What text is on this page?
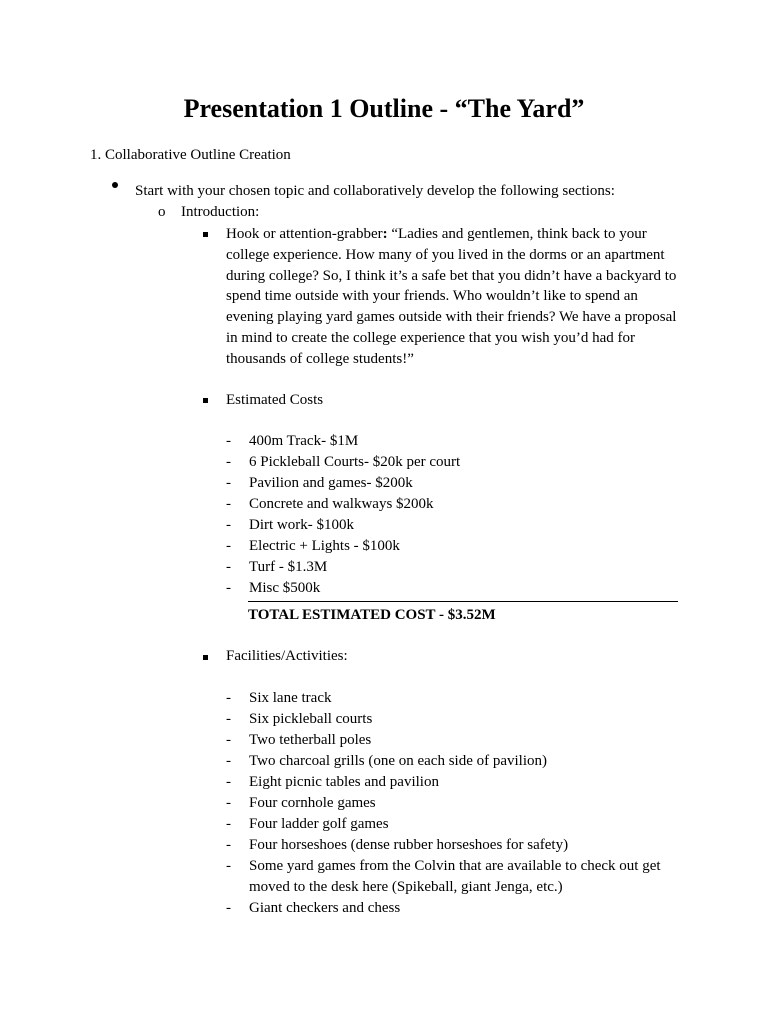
Presentation 1 Outline - “The Yard”
1. Collaborative Outline Creation
Start with your chosen topic and collaboratively develop the following sections:
o Introduction:
Hook or attention-grabber: “Ladies and gentlemen, think back to your college experience. How many of you lived in the dorms or an apartment during college? So, I think it’s a safe bet that you didn’t have a backyard to spend time outside with your friends. Who wouldn’t like to spend an evening playing yard games outside with their friends? We have a proposal in mind to create the college experience that you wish you’d had for thousands of college students!”
Estimated Costs
- 400m Track- $1M
- 6 Pickleball Courts- $20k per court
- Pavilion and games- $200k
- Concrete and walkways $200k
- Dirt work- $100k
- Electric + Lights - $100k
- Turf - $1.3M
- Misc $500k
TOTAL ESTIMATED COST - $3.52M
Facilities/Activities:
- Six lane track
- Six pickleball courts
- Two tetherball poles
- Two charcoal grills (one on each side of pavilion)
- Eight picnic tables and pavilion
- Four cornhole games
- Four ladder golf games
- Four horseshoes (dense rubber horseshoes for safety)
- Some yard games from the Colvin that are available to check out get moved to the desk here (Spikeball, giant Jenga, etc.)
- Giant checkers and chess
